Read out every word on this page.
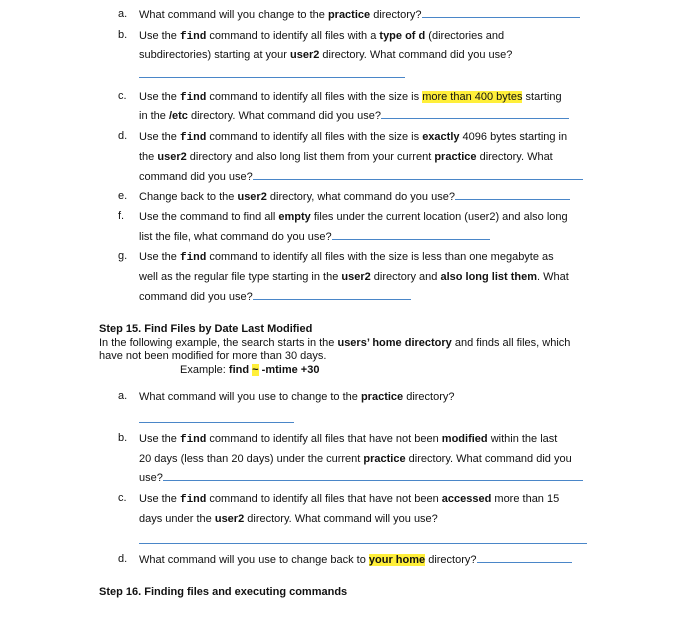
a.	What command will you change to the practice directory?
b.	Use the find command to identify all files with a type of d (directories and
subdirectories) starting at your user2 directory. What command did you use?
c.	Use the find command to identify all files with the size is more than 400 bytes starting
in the /etc directory. What command did you use?
d.	Use the find command to identify all files with the size is exactly 4096 bytes starting in
the user2 directory and also long list them from your current practice directory. What
command did you use?
e.	Change back to the user2 directory, what command do you use?
f.	Use the command to find all empty files under the current location (user2) and also long
list the file, what command do you use?
g.	Use the find command to identify all files with the size is less than one megabyte as
well as the regular file type starting in the user2 directory and also long list them. What
command did you use?
Step 15. Find Files by Date Last Modified
In the following example, the search starts in the users’ home directory and finds all files, which
have not been modified for more than 30 days.
Example: find ~ -mtime +30
a.	What command will you use to change to the practice directory?
b.	Use the find command to identify all files that have not been modified within the last
20 days (less than 20 days) under the current practice directory. What command did you
use?
c.	Use the find command to identify all files that have not been accessed more than 15
days under the user2 directory. What command will you use?
d.	What command will you use to change back to your home directory?
Step 16. Finding files and executing commands
